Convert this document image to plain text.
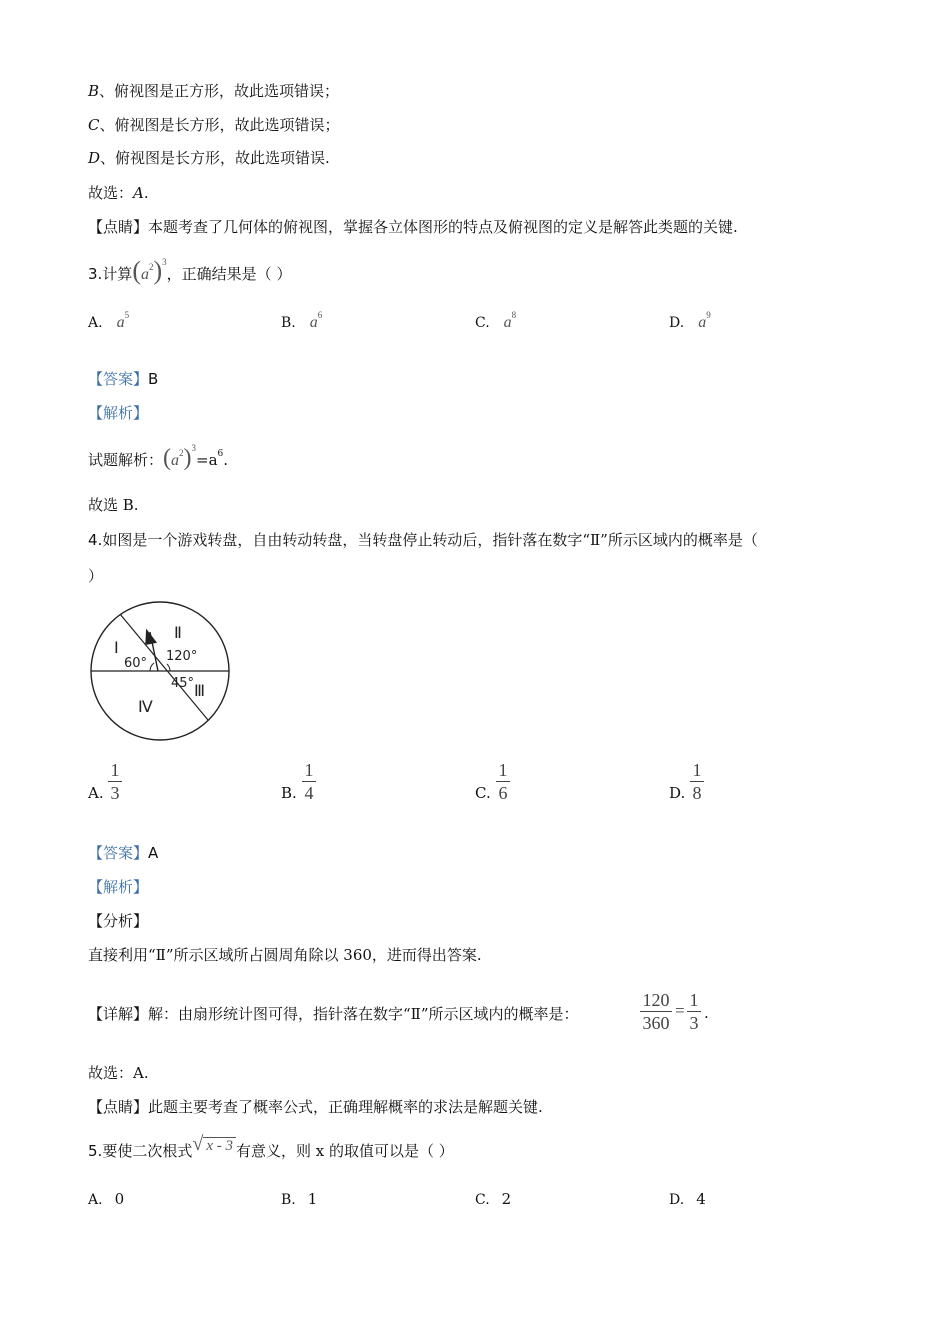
B、俯视图是正方形，故此选项错误；
C、俯视图是长方形，故此选项错误；
D、俯视图是长方形，故此选项错误.
故选：A.
【点睛】本题考查了几何体的俯视图，掌握各立体图形的特点及俯视图的定义是解答此类题的关键.
3.计算$(a^2)^3$，正确结果是（ ）
A. $a^5$	B. $a^6$	C. $a^8$	D. $a^9$
【答案】B
【解析】
试题解析：$(a^2)^3=a^6$.
故选 B.
4.如图是一个游戏转盘，自由转动转盘，当转盘停止转动后，指针落在数字“Ⅱ”所示区域内的概率是（
）
Ⅰ
Ⅱ
Ⅲ
Ⅳ
60° 120°
45°
A.
1
3	B.
1
4	C.
1
6	D.
1
8
【答案】A
【解析】
【分析】
直接利用“Ⅱ”所示区域所占圆周角除以 360，进而得出答案.
【详解】解：由扇形统计图可得，指针落在数字“Ⅱ”所示区域内的概率是：
120
360
=
1
3 .
故选：A.
【点睛】此题主要考查了概率公式，正确理解概率的求法是解题关键.
5.要使二次根式√ x - 3 有意义，则 x 的取值可以是（ ）
A. 0	B. 1	C. 2	D. 4
